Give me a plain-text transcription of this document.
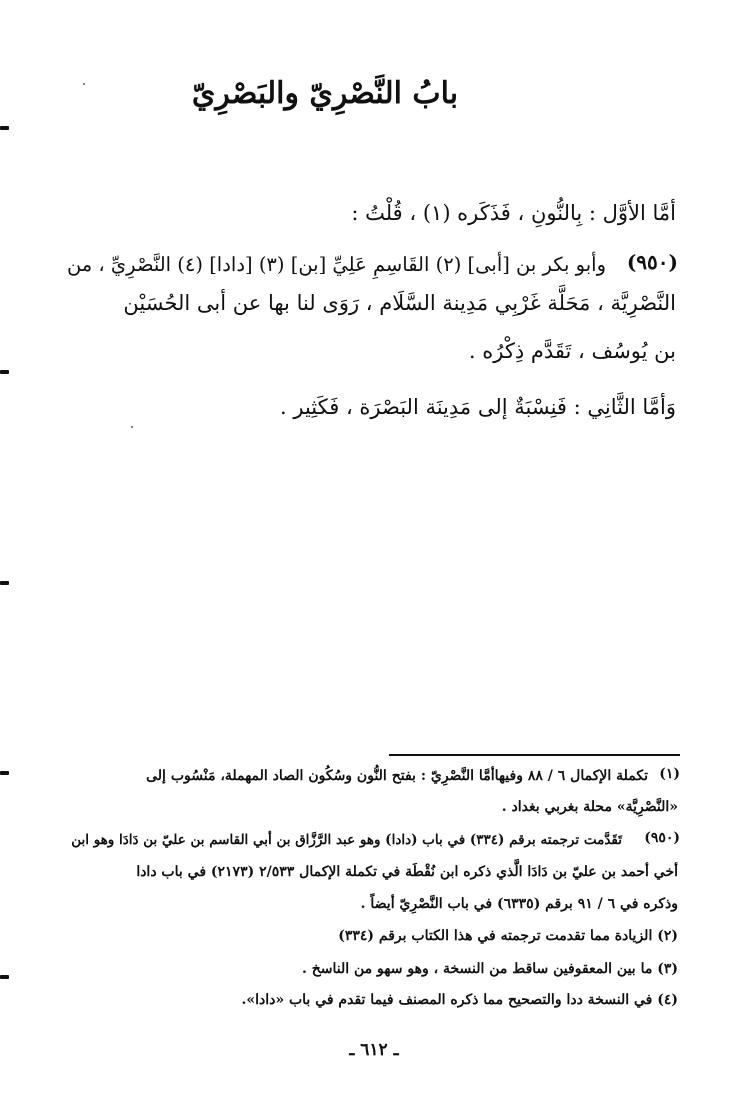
بابُ النَّصْرِيّ والبَصْرِيّ
أمَّا الأوَّل : بِالنُّونِ ، فَذَكَره (١) ، قُلْتُ :
(٩٥٠)
وأبو بكر بن [أبى] (٢) القَاسِمِ عَلِيِّ [بن] (٣) [دادا] (٤) النَّصْرِيِّ ، من
النَّصْرِيَّة ، مَحَلَّة غَرْبِي مَدِينة السَّلَام ، رَوَى لنا بها عن أبى الحُسَيْن
بن يُوسُف ، تَقَدَّم ذِكْرُه .
وَأمَّا الثَّانِي : فَنِسْبَةٌ إلى مَدِينَة البَصْرَة ، فَكَثِير .
(١)
تكملة الإكمال ٦ / ٨٨ وفيهاأمَّا النَّصْرِيّ : بفتح النُّون وسُكُون الصاد المهملة، مَنْسُوب إلى
«النَّصْرِيَّة» محلة بغربي بغداد .
(٩٥٠)
تَقَدَّمت ترجمته برقم (٣٣٤) في باب (دادا) وهو عبد الرَّزَّاق بن أبي القاسم بن عليّ بن دَادَا وهو ابن
أخي أحمد بن عليّ بن دَادَا الَّذي ذكره ابن نُقْطَة في تكملة الإكمال ٢/٥٣٣ (٢١٧٣) في باب دادا
وذكره في ٦ / ٩١ برقم (٦٣٣٥) في باب النَّصْرِيّ أيضاً .
(٢) الزيادة مما تقدمت ترجمته في هذا الكتاب برقم (٣٣٤)
(٣) ما بين المعقوفين ساقط من النسخة ، وهو سهو من الناسخ .
(٤) في النسخة ددا والتصحيح مما ذكره المصنف فيما تقدم في باب «دادا».
ـ ٦١٢ ـ
